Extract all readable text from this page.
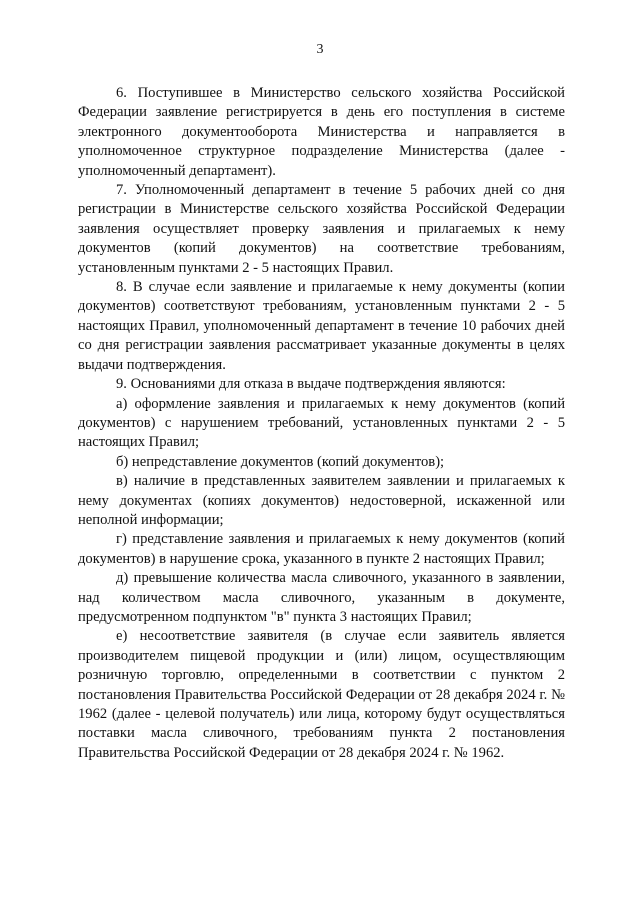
3

6. Поступившее в Министерство сельского хозяйства Российской Федерации заявление регистрируется в день его поступления в системе электронного документооборота Министерства и направляется в уполномоченное структурное подразделение Министерства (далее - уполномоченный департамент).

7. Уполномоченный департамент в течение 5 рабочих дней со дня регистрации в Министерстве сельского хозяйства Российской Федерации заявления осуществляет проверку заявления и прилагаемых к нему документов (копий документов) на соответствие требованиям, установленным пунктами 2 - 5 настоящих Правил.

8. В случае если заявление и прилагаемые к нему документы (копии документов) соответствуют требованиям, установленным пунктами 2 - 5 настоящих Правил, уполномоченный департамент в течение 10 рабочих дней со дня регистрации заявления рассматривает указанные документы в целях выдачи подтверждения.

9. Основаниями для отказа в выдаче подтверждения являются:

а) оформление заявления и прилагаемых к нему документов (копий документов) с нарушением требований, установленных пунктами 2 - 5 настоящих Правил;

б) непредставление документов (копий документов);

в) наличие в представленных заявителем заявлении и прилагаемых к нему документах (копиях документов) недостоверной, искаженной или неполной информации;

г) представление заявления и прилагаемых к нему документов (копий документов) в нарушение срока, указанного в пункте 2 настоящих Правил;

д) превышение количества масла сливочного, указанного в заявлении, над количеством масла сливочного, указанным в документе, предусмотренном подпунктом "в" пункта 3 настоящих Правил;

е) несоответствие заявителя (в случае если заявитель является производителем пищевой продукции и (или) лицом, осуществляющим розничную торговлю, определенными в соответствии с пунктом 2 постановления Правительства Российской Федерации от 28 декабря 2024 г. № 1962 (далее - целевой получатель) или лица, которому будут осуществляться поставки масла сливочного, требованиям пункта 2 постановления Правительства Российской Федерации от 28 декабря 2024 г. № 1962.
